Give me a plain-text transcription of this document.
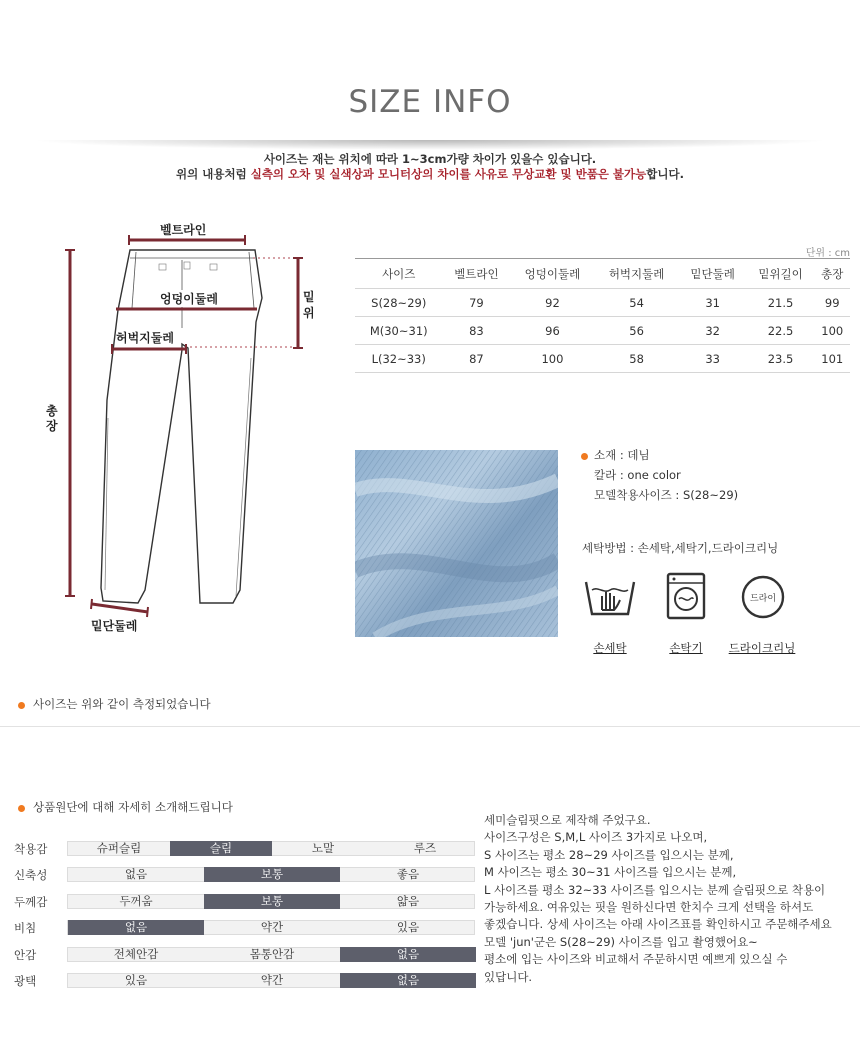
SIZE INFO
사이즈는 재는 위치에 따라 1~3cm가량 차이가 있을수 있습니다.
위의 내용처럼 실측의 오차 및 실색상과 모니터상의 차이를 사유로 무상교환 및 반품은 불가능합니다.
벨트라인
엉덩이둘레
허벅지둘레
밑
위
총
장
밑단둘레
단위 : cm
사이즈	벨트라인	엉덩이둘레	허벅지둘레	밑단둘레	밑위길이	총장
S(28~29)	79	92	54	31	21.5	99
M(30~31)	83	96	56	32	22.5	100
L(32~33)	87	100	58	33	23.5	101
소재 : 데님
칼라 : one color
모델착용사이즈 : S(28~29)
세탁방법 : 손세탁,세탁기,드라이크리닝
드라이
손세탁	손탁기	드라이크리닝
사이즈는 위와 같이 측정되었습니다
상품원단에 대해 자세히 소개해드립니다
착용감	슈퍼슬림	슬림	노말	루즈
신축성	없음	보통	좋음
두께감	두꺼움	보통	얇음
비침	없음	약간	있음
안감	전체안감	몸통안감	없음
광택	있음	약간	없음
세미슬림핏으로 제작해 주었구요.
사이즈구성은 S,M,L 사이즈 3가지로 나오며,
S 사이즈는 평소 28~29 사이즈를 입으시는 분께,
M 사이즈는 평소 30~31 사이즈를 입으시는 분께,
L 사이즈를 평소 32~33 사이즈를 입으시는 분께 슬림핏으로 착용이
가능하세요. 여유있는 핏을 원하신다면 한치수 크게 선택을 하셔도
좋겠습니다. 상세 사이즈는 아래 사이즈표를 확인하시고 주문해주세요
모델 'jun'군은 S(28~29) 사이즈를 입고 촬영했어요~
평소에 입는 사이즈와 비교해서 주문하시면 예쁘게 있으실 수
있답니다.
